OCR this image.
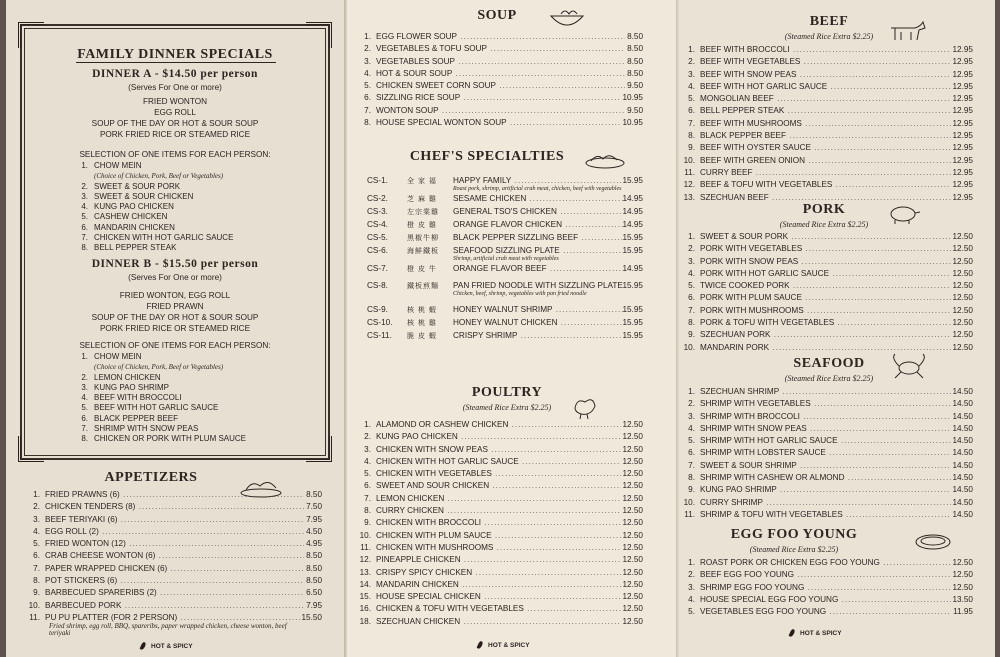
FAMILY DINNER SPECIALS
DINNER A - $14.50 per person
(Serves For One or more)
FRIED WONTON
EGG ROLL
SOUP OF THE DAY OR HOT & SOUR SOUP
PORK FRIED RICE OR STEAMED RICE
SELECTION OF ONE ITEMS FOR EACH PERSON:
1. CHOW MEIN
(Choice of Chicken, Pork, Beef or Vegetables)
2. SWEET & SOUR PORK
3. SWEET & SOUR CHICKEN
4. KUNG PAO CHICKEN
5. CASHEW CHICKEN
6. MANDARIN CHICKEN
7. CHICKEN WITH HOT GARLIC SAUCE
8. BELL PEPPER STEAK
DINNER B - $15.50 per person
(Serves For One or more)
FRIED WONTON, EGG ROLL
FRIED PRAWN
SOUP OF THE DAY OR HOT & SOUR SOUP
PORK FRIED RICE OR STEAMED RICE
SELECTION OF ONE ITEMS FOR EACH PERSON:
1. CHOW MEIN
(Choice of Chicken, Pork, Beef or Vegetables)
2. LEMON CHICKEN
3. KUNG PAO SHRIMP
4. BEEF WITH BROCCOLI
5. BEEF WITH HOT GARLIC SAUCE
6. BLACK PEPPER BEEF
7. SHRIMP WITH SNOW PEAS
8. CHICKEN OR PORK WITH PLUM SAUCE
APPETIZERS
1. FRIED PRAWNS (6) .....	8.50
2. CHICKEN TENDERS (8) .....	7.50
3. BEEF TERIYAKI (6) .....	7.95
4. EGG ROLL (2) .....	4.50
5. FRIED WONTON (12) .....	4.95
6. CRAB CHEESE WONTON (6) .....	8.50
7. PAPER WRAPPED CHICKEN (6) .....	8.50
8. POT STICKERS (6) .....	8.50
9. BARBECUED SPARERIBS (2) .....	6.50
10. BARBECUED PORK .....	7.95
11. PU PU PLATTER (FOR 2 PERSON) .....	15.50
Fried shrimp, egg roll, BBQ, spareribs, paper wrapped chicken, cheese wonton, beef teriyaki
HOT & SPICY
SOUP
1. EGG FLOWER SOUP .....	8.50
2. VEGETABLES & TOFU SOUP .....	8.50
3. VEGETABLES SOUP .....	8.50
4. HOT & SOUR SOUP .....	8.50
5. CHICKEN SWEET CORN SOUP .....	9.50
6. SIZZLING RICE SOUP .....	10.95
7. WONTON SOUP .....	9.50
8. HOUSE SPECIAL WONTON SOUP .....	10.95
CHEF'S SPECIALTIES
CS-1.	全 家 福	HAPPY FAMILY .....	15.95
Roast pork, shrimp, artificial crab meat, chicken, beef with vegetables
CS-2.	芝 麻 雞	SESAME CHICKEN .....	14.95
CS-3.	左宗棠雞	GENERAL TSO'S CHICKEN .....	14.95
CS-4.	橙 皮 雞	ORANGE FLAVOR CHICKEN .....	14.95
CS-5.	黑椒牛柳	BLACK PEPPER SIZZLING BEEF .....	15.95
CS-6.	海鮮鐵板	SEAFOOD SIZZLING PLATE .....	15.95
Shrimp, artificial crab meat with vegetables
CS-7.	橙 皮 牛	ORANGE FLAVOR BEEF .....	14.95
CS-8.	鐵板煎麵	PAN FRIED NOODLE WITH SIZZLING PLATE ..... 15.95
Chicken, beef, shrimp, vegetables with pan fried noodle
CS-9.	核 桃 蝦	HONEY WALNUT SHRIMP .....	15.95
CS-10.	核 桃 雞	HONEY WALNUT CHICKEN .....	15.95
CS-11.	脆 皮 蝦	CRISPY SHRIMP .....	15.95
POULTRY
(Steamed Rice Extra $2.25)
1. ALAMOND OR CASHEW CHICKEN .....	12.50
2. KUNG PAO CHICKEN .....	12.50
3. CHICKEN WITH SNOW PEAS .....	12.50
4. CHICKEN WITH HOT GARLIC SAUCE .....	12.50
5. CHICKEN WITH VEGETABLES .....	12.50
6. SWEET AND SOUR CHICKEN .....	12.50
7. LEMON CHICKEN .....	12.50
8. CURRY CHICKEN .....	12.50
9. CHICKEN WITH BROCCOLI .....	12.50
10. CHICKEN WITH PLUM SAUCE .....	12.50
11. CHICKEN WITH MUSHROOMS .....	12.50
12. PINEAPPLE CHICKEN .....	12.50
13. CRISPY SPICY CHICKEN .....	12.50
14. MANDARIN CHICKEN .....	12.50
15. HOUSE SPECIAL CHICKEN .....	12.50
16. CHICKEN & TOFU WITH VEGETABLES .....	12.50
18. SZECHUAN CHICKEN .....	12.50
HOT & SPICY
BEEF
(Steamed Rice Extra $2.25)
1. BEEF WITH BROCCOLI .....	12.95
2. BEEF WITH VEGETABLES .....	12.95
3. BEEF WITH SNOW PEAS .....	12.95
4. BEEF WITH HOT GARLIC SAUCE .....	12.95
5. MONGOLIAN BEEF .....	12.95
6. BELL PEPPER STEAK .....	12.95
7. BEEF WITH MUSHROOMS .....	12.95
8. BLACK PEPPER BEEF .....	12.95
9. BEEF WITH OYSTER SAUCE .....	12.95
10. BEEF WITH GREEN ONION .....	12.95
11. CURRY BEEF .....	12.95
12. BEEF & TOFU WITH VEGETABLES .....	12.95
13. SZECHUAN BEEF .....	12.95
PORK
(Steamed Rice Extra $2.25)
1. SWEET & SOUR PORK .....	12.50
2. PORK WITH VEGETABLES .....	12.50
3. PORK WITH SNOW PEAS .....	12.50
4. PORK WITH HOT GARLIC SAUCE .....	12.50
5. TWICE COOKED PORK .....	12.50
6. PORK WITH PLUM SAUCE .....	12.50
7. PORK WITH MUSHROOMS .....	12.50
8. PORK & TOFU WITH VEGETABLES .....	12.50
9. SZECHUAN PORK .....	12.50
10. MANDARIN PORK .....	12.50
SEAFOOD
(Steamed Rice Extra $2.25)
1. SZECHUAN SHRIMP .....	14.50
2. SHRIMP WITH VEGETABLES .....	14.50
3. SHRIMP WITH BROCCOLI .....	14.50
4. SHRIMP WITH SNOW PEAS .....	14.50
5. SHRIMP WITH HOT GARLIC SAUCE .....	14.50
6. SHRIMP WITH LOBSTER SAUCE .....	14.50
7. SWEET & SOUR SHRIMP .....	14.50
8. SHRIMP WITH CASHEW OR ALMOND .....	14.50
9. KUNG PAO SHRIMP .....	14.50
10. CURRY SHRIMP .....	14.50
11. SHRIMP & TOFU WITH VEGETABLES .....	14.50
EGG FOO YOUNG
(Steamed Rice Extra $2.25)
1. ROAST PORK OR CHICKEN EGG FOO YOUNG .....	12.50
2. BEEF EGG FOO YOUNG .....	12.50
3. SHRIMP EGG FOO YOUNG .....	12.50
4. HOUSE SPECIAL EGG FOO YOUNG .....	13.50
5. VEGETABLES EGG FOO YOUNG .....	11.95
HOT & SPICY
